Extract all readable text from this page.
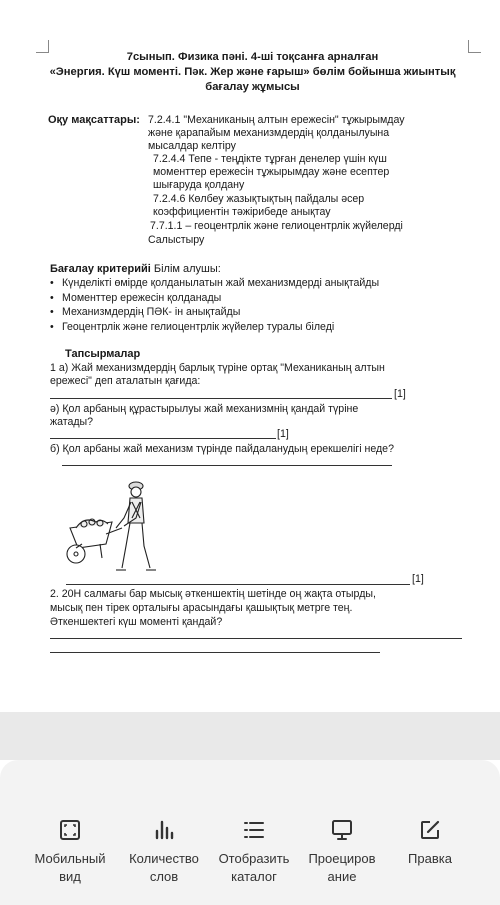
7сынып. Физика пәні. 4-ші тоқсанға арналған
«Энергия. Күш моменті. Пәк. Жер және ғарыш» бөлім бойынша жиынтық
бағалау жұмысы
Оқу мақсаттары: 7.2.4.1 "Механиканың алтын ережесін" тұжырымдау
және қарапайым механизмдердің қолданылуына
мысалдар келтіру
7.2.4.4 Тепе - теңдікте тұрған денелер үшін күш
моменттер ережесін тұжырымдау және есептер
шығаруда қолдану
7.2.4.6 Көлбеу жазықтықтың пайдалы әсер
коэффициентін тәжірибеде анықтау
7.7.1.1 – геоцентрлік және гелиоцентрлік жүйелерді
Салыстыру
Бағалау критерийі Білім алушы:
• Күнделікті өмірде қолданылатын жай механизмдерді анықтайды
• Моменттер ережесін қолданады
• Механизмдердің ПӘК- ін анықтайды
• Геоцентрлік және гелиоцентрлік жүйелер туралы біледі
Тапсырмалар
1 а) Жай механизмдердің барлық түріне ортақ "Механиканың алтын
ережесі" деп аталатын қағида:
[1]
ә) Қол арбаның құрастырылуы жай механизмнің қандай түріне
жатады?
[1]
б) Қол арбаны жай механизм түрінде пайдаланудың ерекшелігі неде?
[1]
2. 20Н салмағы бар мысық әткеншектің шетінде оң жақта отырды,
мысық пен тірек орталығы арасындағы қашықтық метрге тең.
Әткеншектегі күш моменті қандай?
Мобильный вид
Количество слов
Отобразить каталог
Проецирование
Правка
